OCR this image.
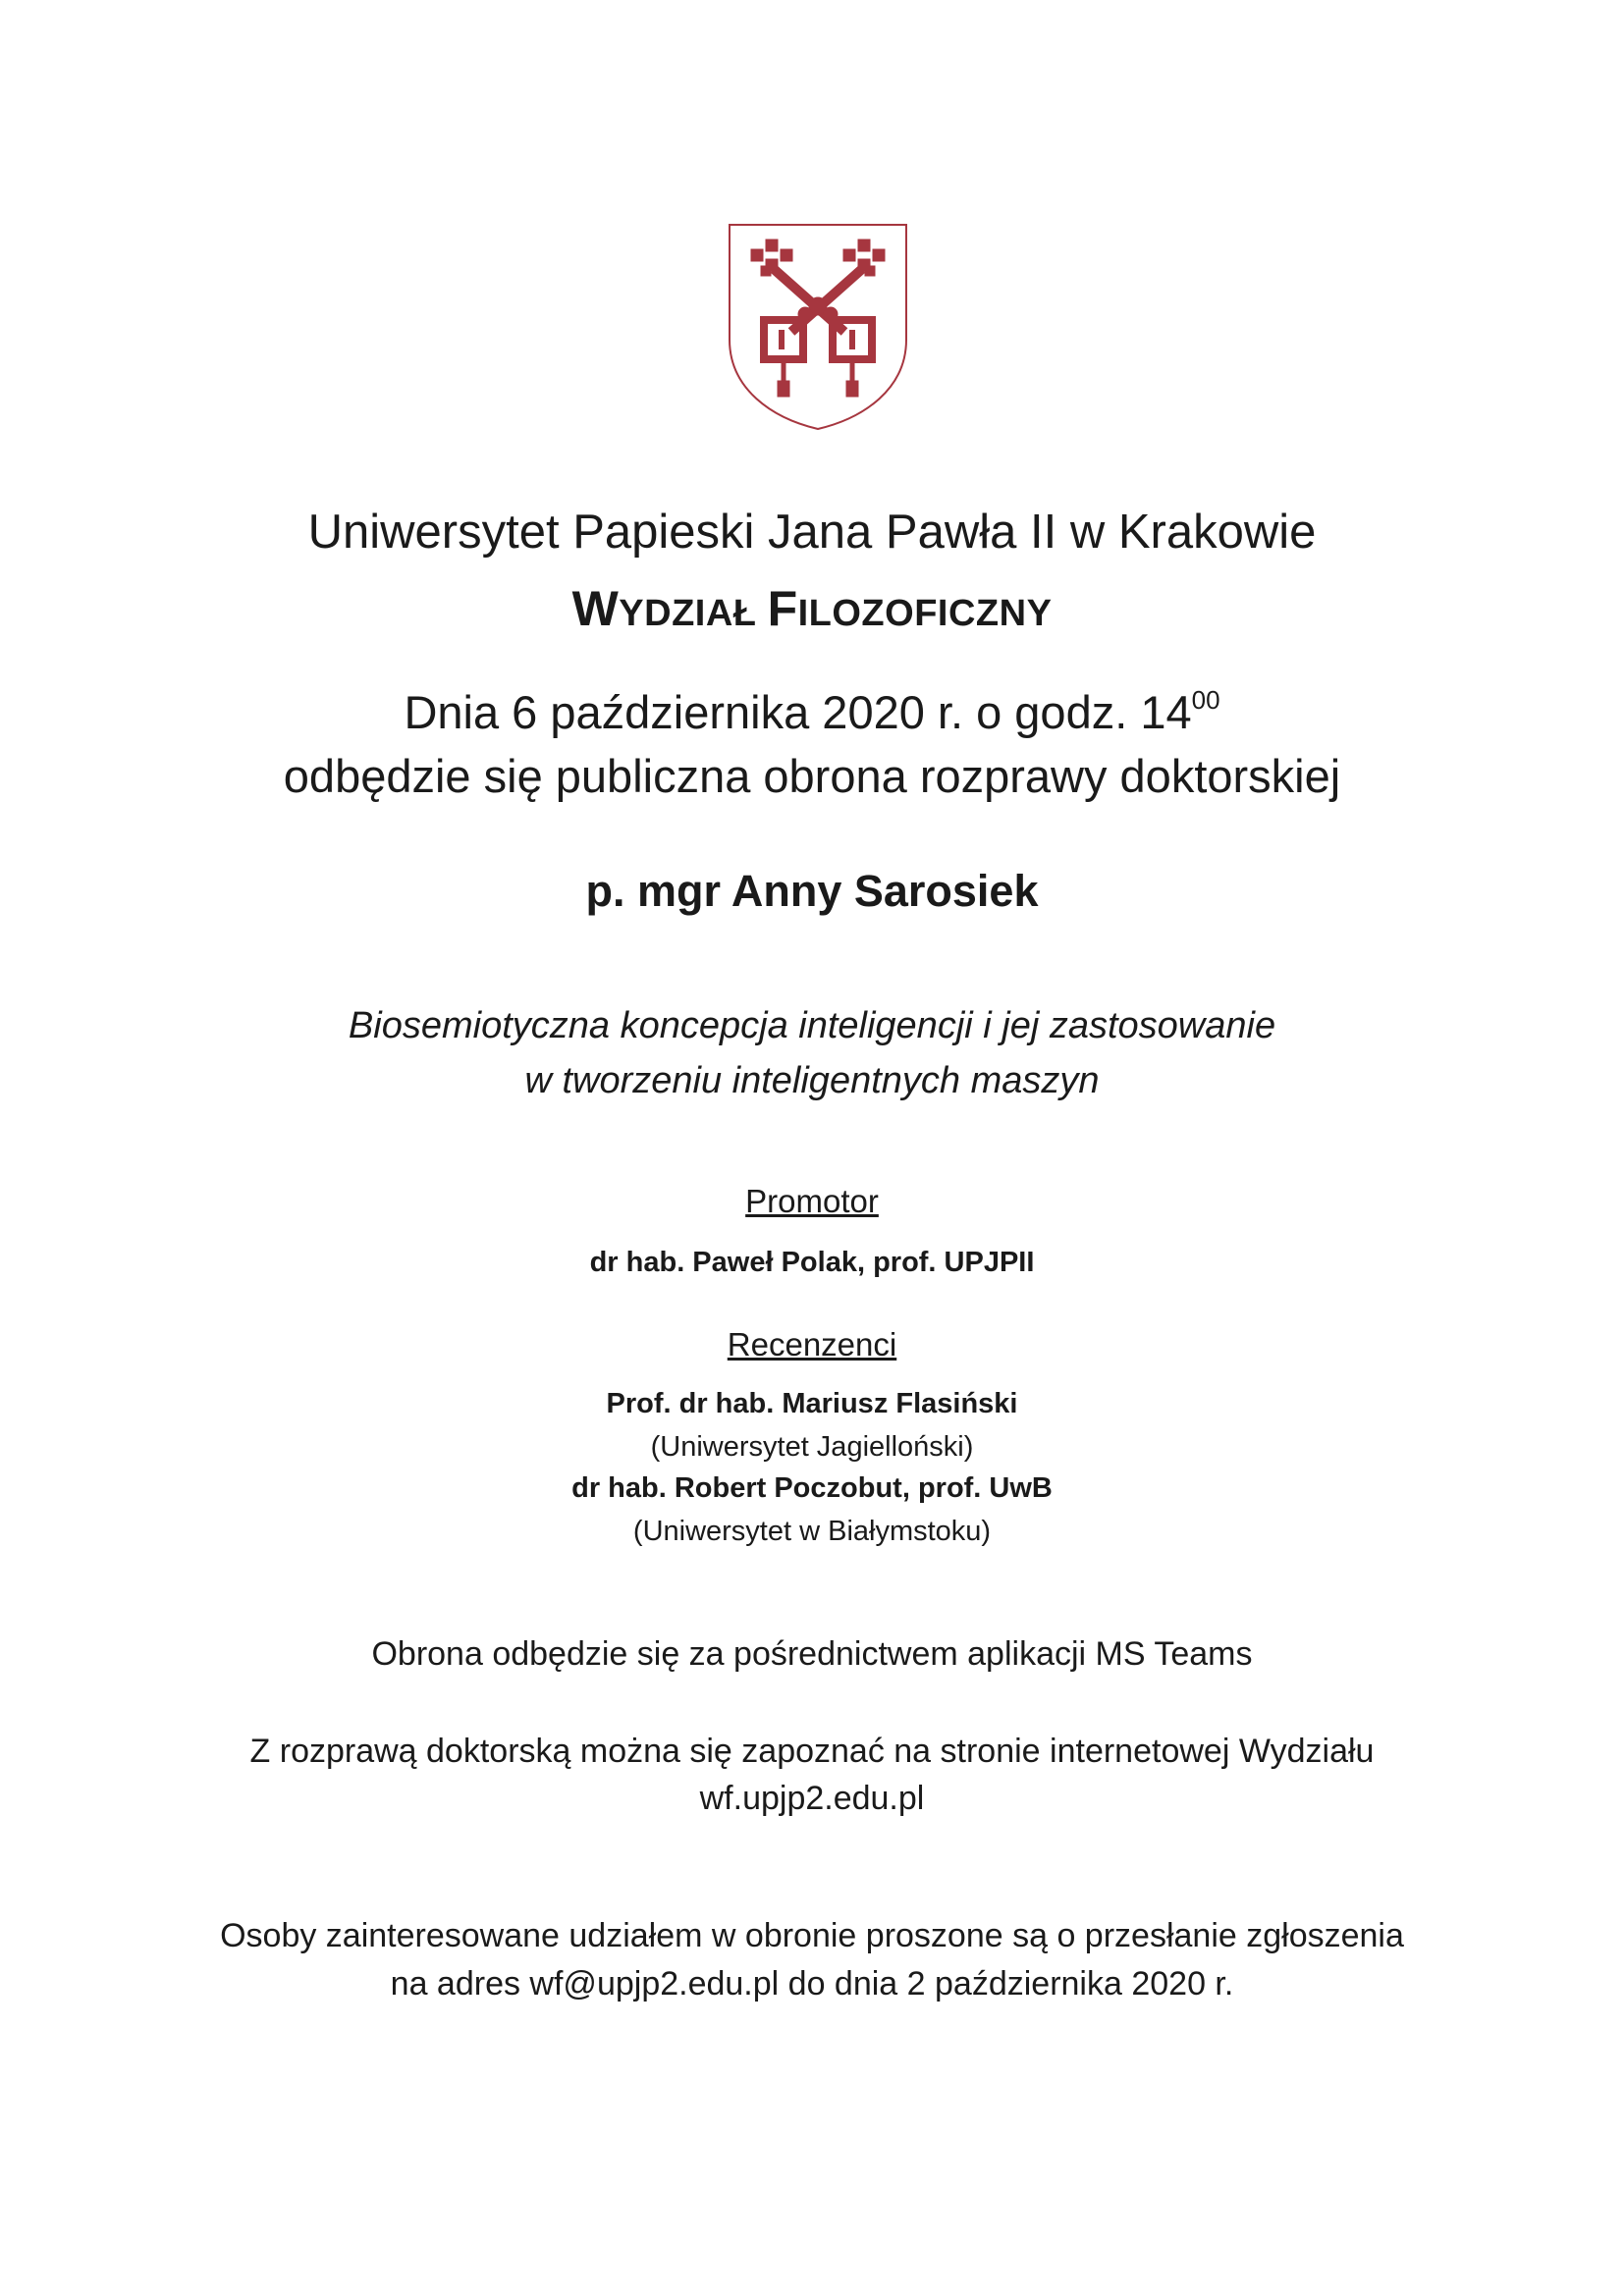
Uniwersytet Papieski Jana Pawła II w Krakowie
WYDZIAŁ FILOZOFICZNY
Dnia 6 października 2020 r. o godz. $14^{00}$
odbędzie się publiczna obrona rozprawy doktorskiej
p. mgr Anny Sarosiek
Biosemiotyczna koncepcja inteligencji i jej zastosowanie
w tworzeniu inteligentnych maszyn
Promotor
dr hab. Paweł Polak, prof. UPJPII
Recenzenci
Prof. dr hab. Mariusz Flasiński
(Uniwersytet Jagielloński)
dr hab. Robert Poczobut, prof. UwB
(Uniwersytet w Białymstoku)
Obrona odbędzie się za pośrednictwem aplikacji MS Teams
Z rozprawą doktorską można się zapoznać na stronie internetowej Wydziału
wf.upjp2.edu.pl
Osoby zainteresowane udziałem w obronie proszone są o przesłanie zgłoszenia
na adres wf@upjp2.edu.pl do dnia 2 października 2020 r.
